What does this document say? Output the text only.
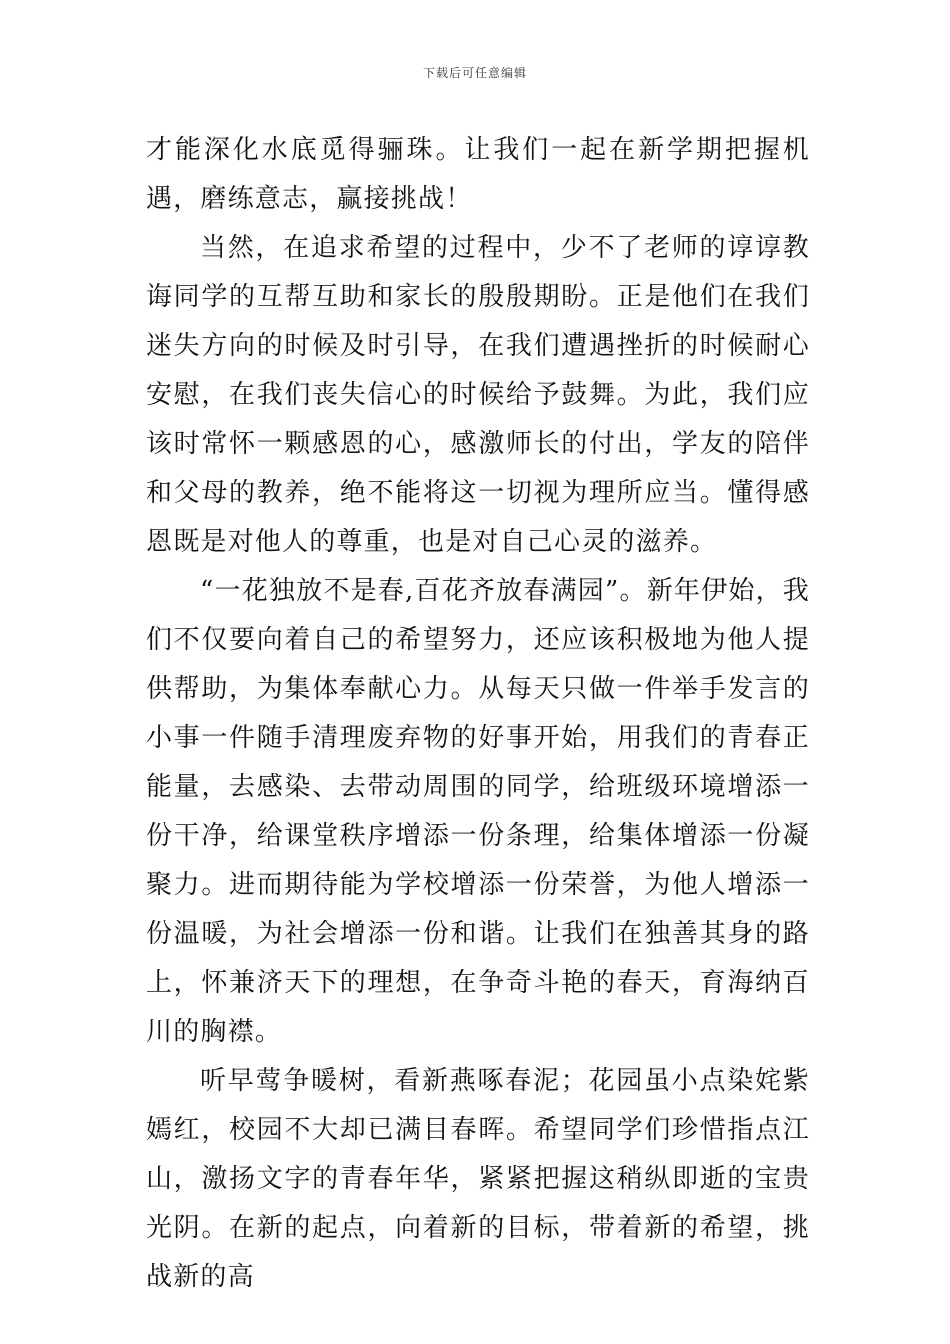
下载后可任意编辑

才能深化水底觅得骊珠。让我们一起在新学期把握机遇，磨练意志，赢接挑战！

当然，在追求希望的过程中，少不了老师的谆谆教诲同学的互帮互助和家长的殷殷期盼。正是他们在我们迷失方向的时候及时引导，在我们遭遇挫折的时候耐心安慰，在我们丧失信心的时候给予鼓舞。为此，我们应该时常怀一颗感恩的心，感激师长的付出，学友的陪伴和父母的教养，绝不能将这一切视为理所应当。懂得感恩既是对他人的尊重，也是对自己心灵的滋养。

“一花独放不是春,百花齐放春满园”。新年伊始，我们不仅要向着自己的希望努力，还应该积极地为他人提供帮助，为集体奉献心力。从每天只做一件举手发言的小事一件随手清理废弃物的好事开始，用我们的青春正能量，去感染、去带动周围的同学，给班级环境增添一份干净，给课堂秩序增添一份条理，给集体增添一份凝聚力。进而期待能为学校增添一份荣誉，为他人增添一份温暖，为社会增添一份和谐。让我们在独善其身的路上，怀兼济天下的理想，在争奇斗艳的春天，育海纳百川的胸襟。

听早莺争暖树，看新燕啄春泥；花园虽小点染姹紫嫣红，校园不大却已满目春晖。希望同学们珍惜指点江山，激扬文字的青春年华，紧紧把握这稍纵即逝的宝贵光阴。在新的起点，向着新的目标，带着新的希望，挑战新的高
